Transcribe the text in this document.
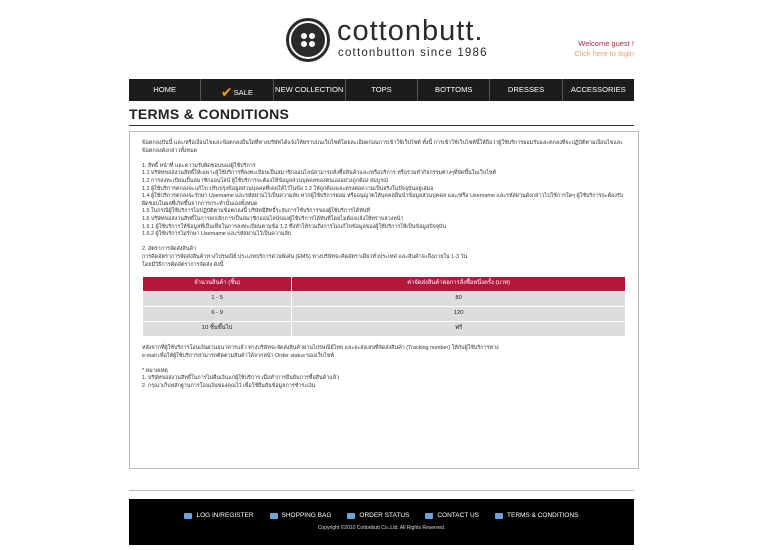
cottonbutt.
cottonbutton since 1986
Welcome guest !
Click here to login
HOME	✔SALE	NEW COLLECTION	TOPS	BOTTOMS	DRESSES	ACCESSORIES
TERMS & CONDITIONS

ข้อตกลงปันนี้ และ/หรือเงื่อนไขและข้อตกลงอื่นใดที่ทางบริษัทได้แจ้งให้ทราบบนเว็บไซต์โดยละเอียดก่อนการเข้าใช้เว็บไซต์ ทั้งนี้ การเข้าใช้เว็บไซต์นี้ให้ถือว่าผู้ใช้บริการยอมรับและตกลงที่จะปฏิบัติตามเงื่อนไขและข้อตกลงดังกล่าวทั้งหมด

1. สิทธิ์ หน้าที่ และความรับผิดชอบของผู้ใช้บริการ

1.1 บริษัทขอสงวนสิทธิ์ให้เฉพาะผู้ใช้บริการที่ลงทะเบียนเป็นสมาชิกออนไลน์สามารถสั่งซื้อสินค้าและ/หรือบริการ หรือร่วมทำกิจกรรมต่างๆที่จัดขึ้นในเว็บไซต์

1.2 การลงทะเบียนเป็นสมาชิกออนไลน์ ผู้ใช้บริการจะต้องให้ข้อมูลส่วนบุคคลของตนเองอย่างถูกต้อง สมบูรณ์

1.3 ผู้ใช้บริการตกลงจะแก้ไข ปรับปรุงข้อมูลส่วนบุคคลที่เคยให้ไว้ในข้อ 1.2 ให้ถูกต้องและตรงต่อความเป็นจริงในปัจจุบันอยู่เสมอ

1.4 ผู้ใช้บริการตกลงจะรักษา Username และรหัสผ่านไว้เป็นความลับ หากผู้ใช้บริการยอม หรืออนุญาตให้บุคคลอื่นนำข้อมูลส่วนบุคคล และ/หรือ Username และรหัสผ่านดังกล่าวไปใช้การใดๆ ผู้ใช้บริการจะต้องรับผิดชอบในผลที่เกิดขึ้นจากการกระทำนั้นเองทั้งหมด

1.5 ในกรณีผู้ใช้บริการไม่ปฏิบัติตามข้อตกลงนี้ บริษัทมีสิทธิ์ระงับการใช้บริการของผู้ใช้บริการได้ทันที

1.6 บริษัทขอสงวนสิทธิ์ในการยกเลิกการเป็นสมาชิกออนไลน์ของผู้ใช้บริการได้ทันทีโดยไม่ต้องแจ้งให้ทราบล่วงหน้า

1.6.1 ผู้ใช้บริการให้ข้อมูลที่เป็นเท็จในการลงทะเบียนตามข้อ 1.2 ซึ่งทำให้รวมถึงการไม่แก้ไขข้อมูลของผู้ใช้บริการให้เป็นข้อมูลปัจจุบัน

1.6.2 ผู้ใช้บริการไม่รักษา Username และรหัสผ่านไว้เป็นความลับ

2. อัตราการจัดส่งสินค้า

การคิดอัตราการจัดส่งสินค้าทางไปรษณีย์ ประเภทบริการด่วนพิเศษ (EMS) ทางบริษัทจะคิดอัตราเดียวทั่วประเทศ และสินค้าจะถึงภายใน 1-3 วัน

โดยมีวิธีการคิดอัตราการจัดส่ง ดังนี้

จำนวนสินค้า (ชิ้น)	ค่าจัดส่งสินค้าต่อการสั่งซื้อหนึ่งครั้ง (บาท)
1 - 5	80
6 - 9	120
10 ชิ้นขึ้นไป	ฟรี

หลังจากที่ผู้ใช้บริการโอนเงินผ่านธนาคารแล้ว ทางบริษัทจะจัดส่งสินค้าผ่านไปรษณีย์ไทย และจะส่งเลขที่จัดส่งสินค้า (Tracking number) ให้กับผู้ใช้บริการทาง

e-mail เพื่อให้ผู้ใช้บริการสามารถติดตามสินค้าได้จากหน้า Order status ของเว็บไซต์

* หมายเหตุ

1. บริษัทขอสงวนสิทธิ์ในการไม่คืนเงินแก่ผู้ใช้บริการ เมื่อทำการยืนยันการซื้อสินค้าแล้ว

2. กรุณาเก็บหลักฐานการโอนเงินของคุณไว้ เพื่อใช้ยืนยันข้อมูลการชำระเงิน

LOG IN/REGISTER	SHOPPING BAG	ORDER STATUS	CONTACT US	TERMS & CONDITIONS
Copyright ©2010 Cottonbutt Co.,Ltd. All Rights Reserved.
